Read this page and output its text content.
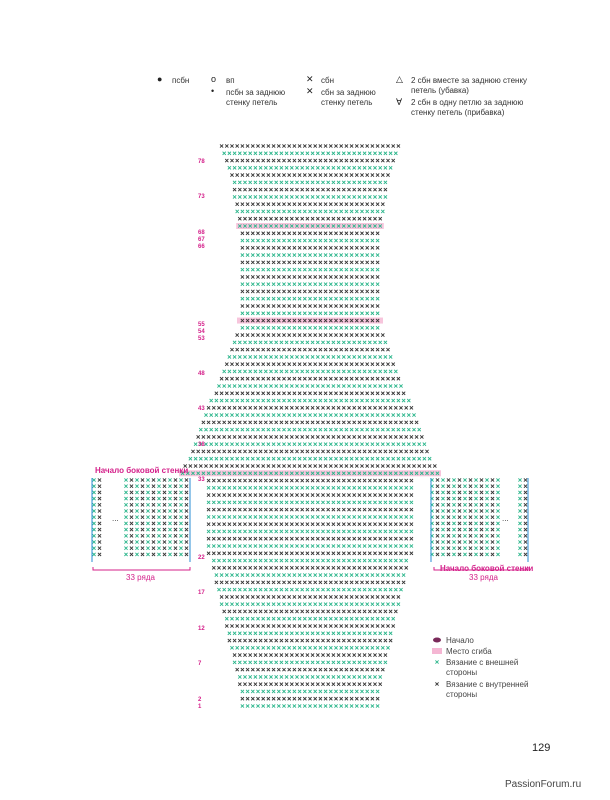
● псбн ο вп
• псбн за заднюю стенку петель
✕ сбн
✕ сбн за заднюю стенку петель
△ 2 сбн вместе за заднюю стенку петель (убавка)
∀ 2 сбн в одну петлю за заднюю стенку петель (прибавка)
78
73
68
67
66
55
54
53
48
43
38
33
22
17
12
7
2
1
Начало боковой стенки
33 ряда
...
Начало боковой стенки
33 ряда
...
Начало
Место сгиба
Вязание с внешней стороны
Вязание с внутренней стороны
129
PassionForum.ru
